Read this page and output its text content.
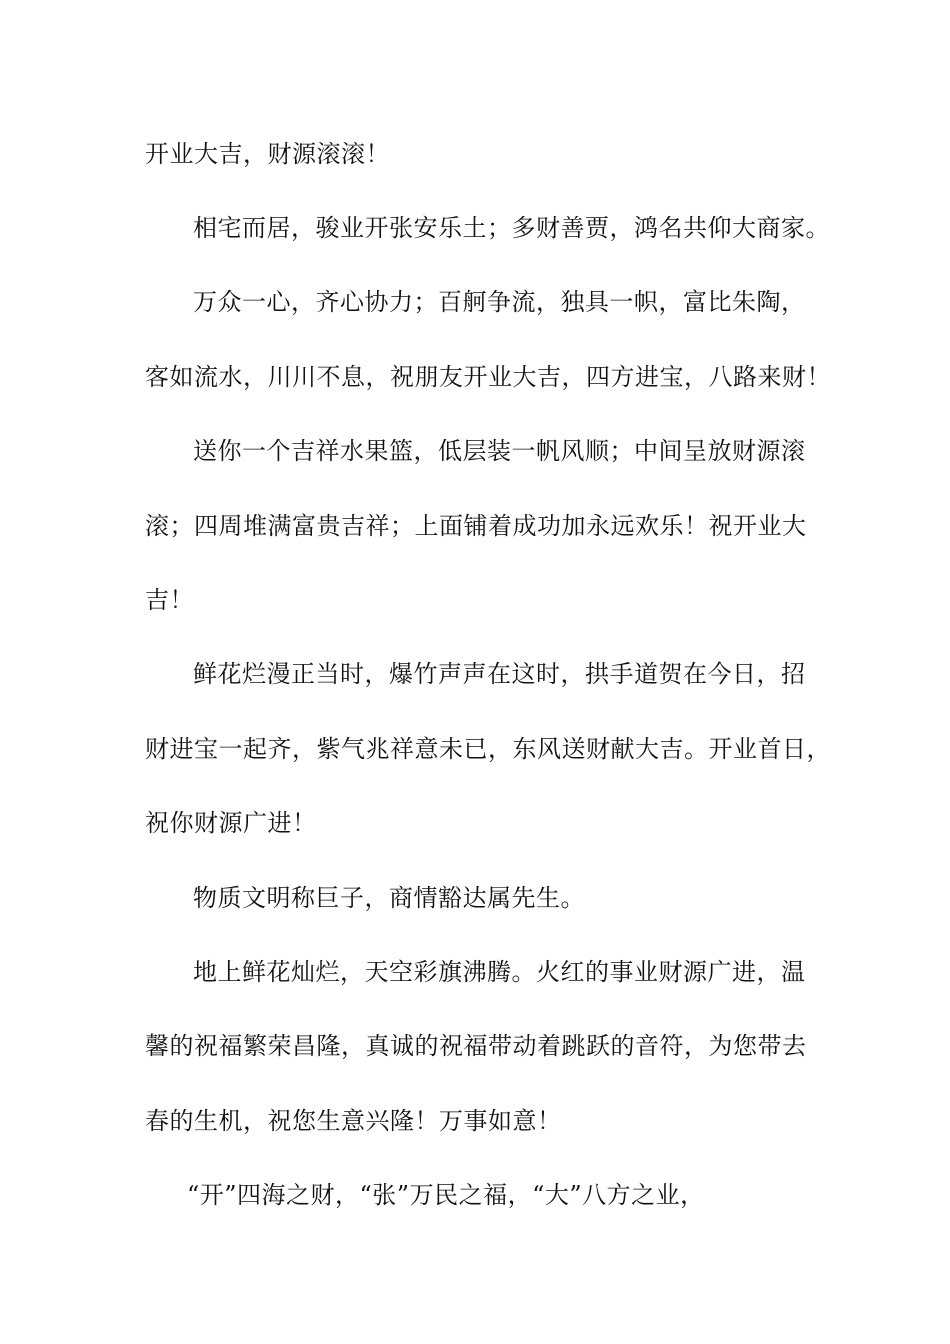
开业大吉，财源滚滚！
相宅而居，骏业开张安乐土；多财善贾，鸿名共仰大商家。
万众一心，齐心协力；百舸争流，独具一帜，富比朱陶，
客如流水，川川不息，祝朋友开业大吉，四方进宝，八路来财！
送你一个吉祥水果篮，低层装一帆风顺；中间呈放财源滚
滚；四周堆满富贵吉祥；上面铺着成功加永远欢乐！祝开业大
吉！
鲜花烂漫正当时，爆竹声声在这时，拱手道贺在今日，招
财进宝一起齐，紫气兆祥意未已，东风送财献大吉。开业首日，
祝你财源广进！
物质文明称巨子，商情豁达属先生。
地上鲜花灿烂，天空彩旗沸腾。火红的事业财源广进，温
馨的祝福繁荣昌隆，真诚的祝福带动着跳跃的音符，为您带去
春的生机，祝您生意兴隆！万事如意！
“开”四海之财，“张”万民之福，“大”八方之业，
